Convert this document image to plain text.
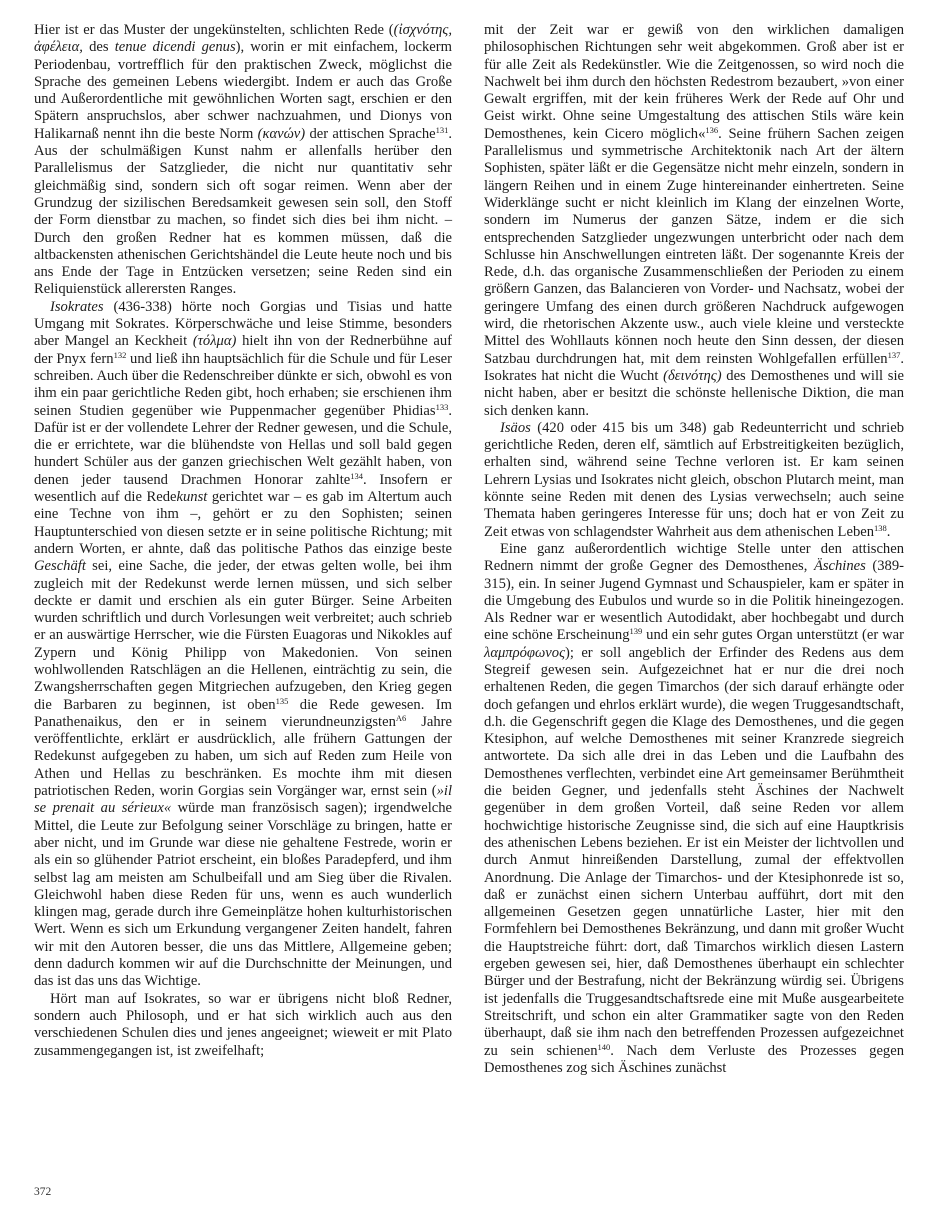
Hier ist er das Muster der ungekünstelten, schlichten Rede ((ἰσχνότης, ἀφέλεια, des tenue dicendi genus), worin er mit einfachem, lockerm Periodenbau, vortrefflich für den praktischen Zweck, möglichst die Sprache des gemeinen Lebens wiedergibt. Indem er auch das Große und Außerordentliche mit gewöhnlichen Worten sagt, erschien er den Spätern anspruchslos, aber schwer nachzuahmen, und Dionys von Halikarnaß nennt ihn die beste Norm (κανών) der attischen Sprache$^{131}$. Aus der schulmäßigen Kunst nahm er allenfalls herüber den Parallelismus der Satzglieder, die nicht nur quantitativ sehr gleichmäßig sind, sondern sich oft sogar reimen. Wenn aber der Grundzug der sizilischen Beredsamkeit gewesen sein soll, den Stoff der Form dienstbar zu machen, so findet sich dies bei ihm nicht. – Durch den großen Redner hat es kommen müssen, daß die altbackensten athenischen Gerichtshändel die Leute heute noch und bis ans Ende der Tage in Entzücken versetzen; seine Reden sind ein Reliquienstück allerersten Ranges.

Isokrates (436-338) hörte noch Gorgias und Tisias und hatte Umgang mit Sokrates. Körperschwäche und leise Stimme, besonders aber Mangel an Keckheit (τόλμα) hielt ihn von der Rednerbühne auf der Pnyx fern$^{132}$ und ließ ihn hauptsächlich für die Schule und für Leser schreiben. Auch über die Redenschreiber dünkte er sich, obwohl es von ihm ein paar gerichtliche Reden gibt, hoch erhaben; sie erschienen ihm seinen Studien gegenüber wie Puppenmacher gegenüber Phidias$^{133}$. Dafür ist er der vollendete Lehrer der Redner gewesen, und die Schule, die er errichtete, war die blühendste von Hellas und soll bald gegen hundert Schüler aus der ganzen griechischen Welt gezählt haben, von denen jeder tausend Drachmen Honorar zahlte$^{134}$. Insofern er wesentlich auf die Redekunst gerichtet war – es gab im Altertum auch eine Techne von ihm –, gehört er zu den Sophisten; seinen Hauptunterschied von diesen setzte er in seine politische Richtung; mit andern Worten, er ahnte, daß das politische Pathos das einzige beste Geschäft sei, eine Sache, die jeder, der etwas gelten wolle, bei ihm zugleich mit der Redekunst werde lernen müssen, und sich selber deckte er damit und erschien als ein guter Bürger. Seine Arbeiten wurden schriftlich und durch Vorlesungen weit verbreitet; auch schrieb er an auswärtige Herrscher, wie die Fürsten Euagoras und Nikokles auf Zypern und König Philipp von Makedonien. Von seinen wohlwollenden Ratschlägen an die Hellenen, einträchtig zu sein, die Zwangsherrschaften gegen Mitgriechen aufzugeben, den Krieg gegen die Barbaren zu beginnen, ist oben$^{135}$ die Rede gewesen. Im Panathenaikus, den er in seinem vierundneunzigsten$^{A6}$ Jahre veröffentlichte, erklärt er ausdrücklich, alle frühern Gattungen der Redekunst aufgegeben zu haben, um sich auf Reden zum Heile von Athen und Hellas zu beschränken. Es mochte ihm mit diesen patriotischen Reden, worin Gorgias sein Vorgänger war, ernst sein (»il se prenait au sérieux« würde man französisch sagen); irgendwelche Mittel, die Leute zur Befolgung seiner Vorschläge zu bringen, hatte er aber nicht, und im Grunde war diese nie gehaltene Festrede, worin er als ein so glühender Patriot erscheint, ein bloßes Paradepferd, und ihm selbst lag am meisten am Schulbeifall und am Sieg über die Rivalen. Gleichwohl haben diese Reden für uns, wenn es auch wunderlich klingen mag, gerade durch ihre Gemeinplätze hohen kulturhistorischen Wert. Wenn es sich um Erkundung vergangener Zeiten handelt, fahren wir mit den Autoren besser, die uns das Mittlere, Allgemeine geben; denn dadurch kommen wir auf die Durchschnitte der Meinungen, und das ist das uns das Wichtige.

Hört man auf Isokrates, so war er übrigens nicht bloß Redner, sondern auch Philosoph, und er hat sich wirklich auch aus den verschiedenen Schulen dies und jenes angeeignet; wieweit er mit Plato zusammengegangen ist, ist zweifelhaft;

mit der Zeit war er gewiß von den wirklichen damaligen philosophischen Richtungen sehr weit abgekommen. Groß aber ist er für alle Zeit als Redekünstler. Wie die Zeitgenossen, so wird noch die Nachwelt bei ihm durch den höchsten Redestrom bezaubert, »von einer Gewalt ergriffen, mit der kein früheres Werk der Rede auf Ohr und Geist wirkt. Ohne seine Umgestaltung des attischen Stils wäre kein Demosthenes, kein Cicero möglich«$^{136}$. Seine frühern Sachen zeigen Parallelismus und symmetrische Architektonik nach Art der ältern Sophisten, später läßt er die Gegensätze nicht mehr einzeln, sondern in längern Reihen und in einem Zuge hintereinander einhertreten. Seine Widerklänge sucht er nicht kleinlich im Klang der einzelnen Worte, sondern im Numerus der ganzen Sätze, indem er die sich entsprechenden Satzglieder ungezwungen unterbricht oder nach dem Schlusse hin Anschwellungen eintreten läßt. Der sogenannte Kreis der Rede, d.h. das organische Zusammenschließen der Perioden zu einem größern Ganzen, das Balancieren von Vorder- und Nachsatz, wobei der geringere Umfang des einen durch größeren Nachdruck aufgewogen wird, die rhetorischen Akzente usw., auch viele kleine und versteckte Mittel des Wohllauts können noch heute den Sinn dessen, der diesen Satzbau durchdrungen hat, mit dem reinsten Wohlgefallen erfüllen$^{137}$. Isokrates hat nicht die Wucht (δεινότης) des Demosthenes und will sie nicht haben, aber er besitzt die schönste hellenische Diktion, die man sich denken kann.

Isäos (420 oder 415 bis um 348) gab Redeunterricht und schrieb gerichtliche Reden, deren elf, sämtlich auf Erbstreitigkeiten bezüglich, erhalten sind, während seine Techne verloren ist. Er kam seinen Lehrern Lysias und Isokrates nicht gleich, obschon Plutarch meint, man könnte seine Reden mit denen des Lysias verwechseln; auch seine Themata haben geringeres Interesse für uns; doch hat er von Zeit zu Zeit etwas von schlagendster Wahrheit aus dem athenischen Leben$^{138}$.

Eine ganz außerordentlich wichtige Stelle unter den attischen Rednern nimmt der große Gegner des Demosthenes, Äschines (389-315), ein. In seiner Jugend Gymnast und Schauspieler, kam er später in die Umgebung des Eubulos und wurde so in die Politik hineingezogen. Als Redner war er wesentlich Autodidakt, aber hochbegabt und durch eine schöne Erscheinung$^{139}$ und ein sehr gutes Organ unterstützt (er war λαμπρόφωνος); er soll angeblich der Erfinder des Redens aus dem Stegreif gewesen sein. Aufgezeichnet hat er nur die drei noch erhaltenen Reden, die gegen Timarchos (der sich darauf erhängte oder doch gefangen und ehrlos erklärt wurde), die wegen Truggesandtschaft, d.h. die Gegenschrift gegen die Klage des Demosthenes, und die gegen Ktesiphon, auf welche Demosthenes mit seiner Kranzrede siegreich antwortete. Da sich alle drei in das Leben und die Laufbahn des Demosthenes verflechten, verbindet eine Art gemeinsamer Berühmtheit die beiden Gegner, und jedenfalls steht Äschines der Nachwelt gegenüber in dem großen Vorteil, daß seine Reden vor allem hochwichtige historische Zeugnisse sind, die sich auf eine Hauptkrisis des athenischen Lebens beziehen. Er ist ein Meister der lichtvollen und durch Anmut hinreißenden Darstellung, zumal der effektvollen Anordnung. Die Anlage der Timarchos- und der Ktesiphonrede ist so, daß er zunächst einen sichern Unterbau aufführt, dort mit den allgemeinen Gesetzen gegen unnatürliche Laster, hier mit den Formfehlern bei Demosthenes Bekränzung, und dann mit großer Wucht die Hauptstreiche führt: dort, daß Timarchos wirklich diesen Lastern ergeben gewesen sei, hier, daß Demosthenes überhaupt ein schlechter Bürger und der Bestrafung, nicht der Bekränzung würdig sei. Übrigens ist jedenfalls die Truggesandtschaftsrede eine mit Muße ausgearbeitete Streitschrift, und schon ein alter Grammatiker sagte von den Reden überhaupt, daß sie ihm nach den betreffenden Prozessen aufgezeichnet zu sein schienen$^{140}$. Nach dem Verluste des Prozesses gegen Demosthenes zog sich Äschines zunächst

372
